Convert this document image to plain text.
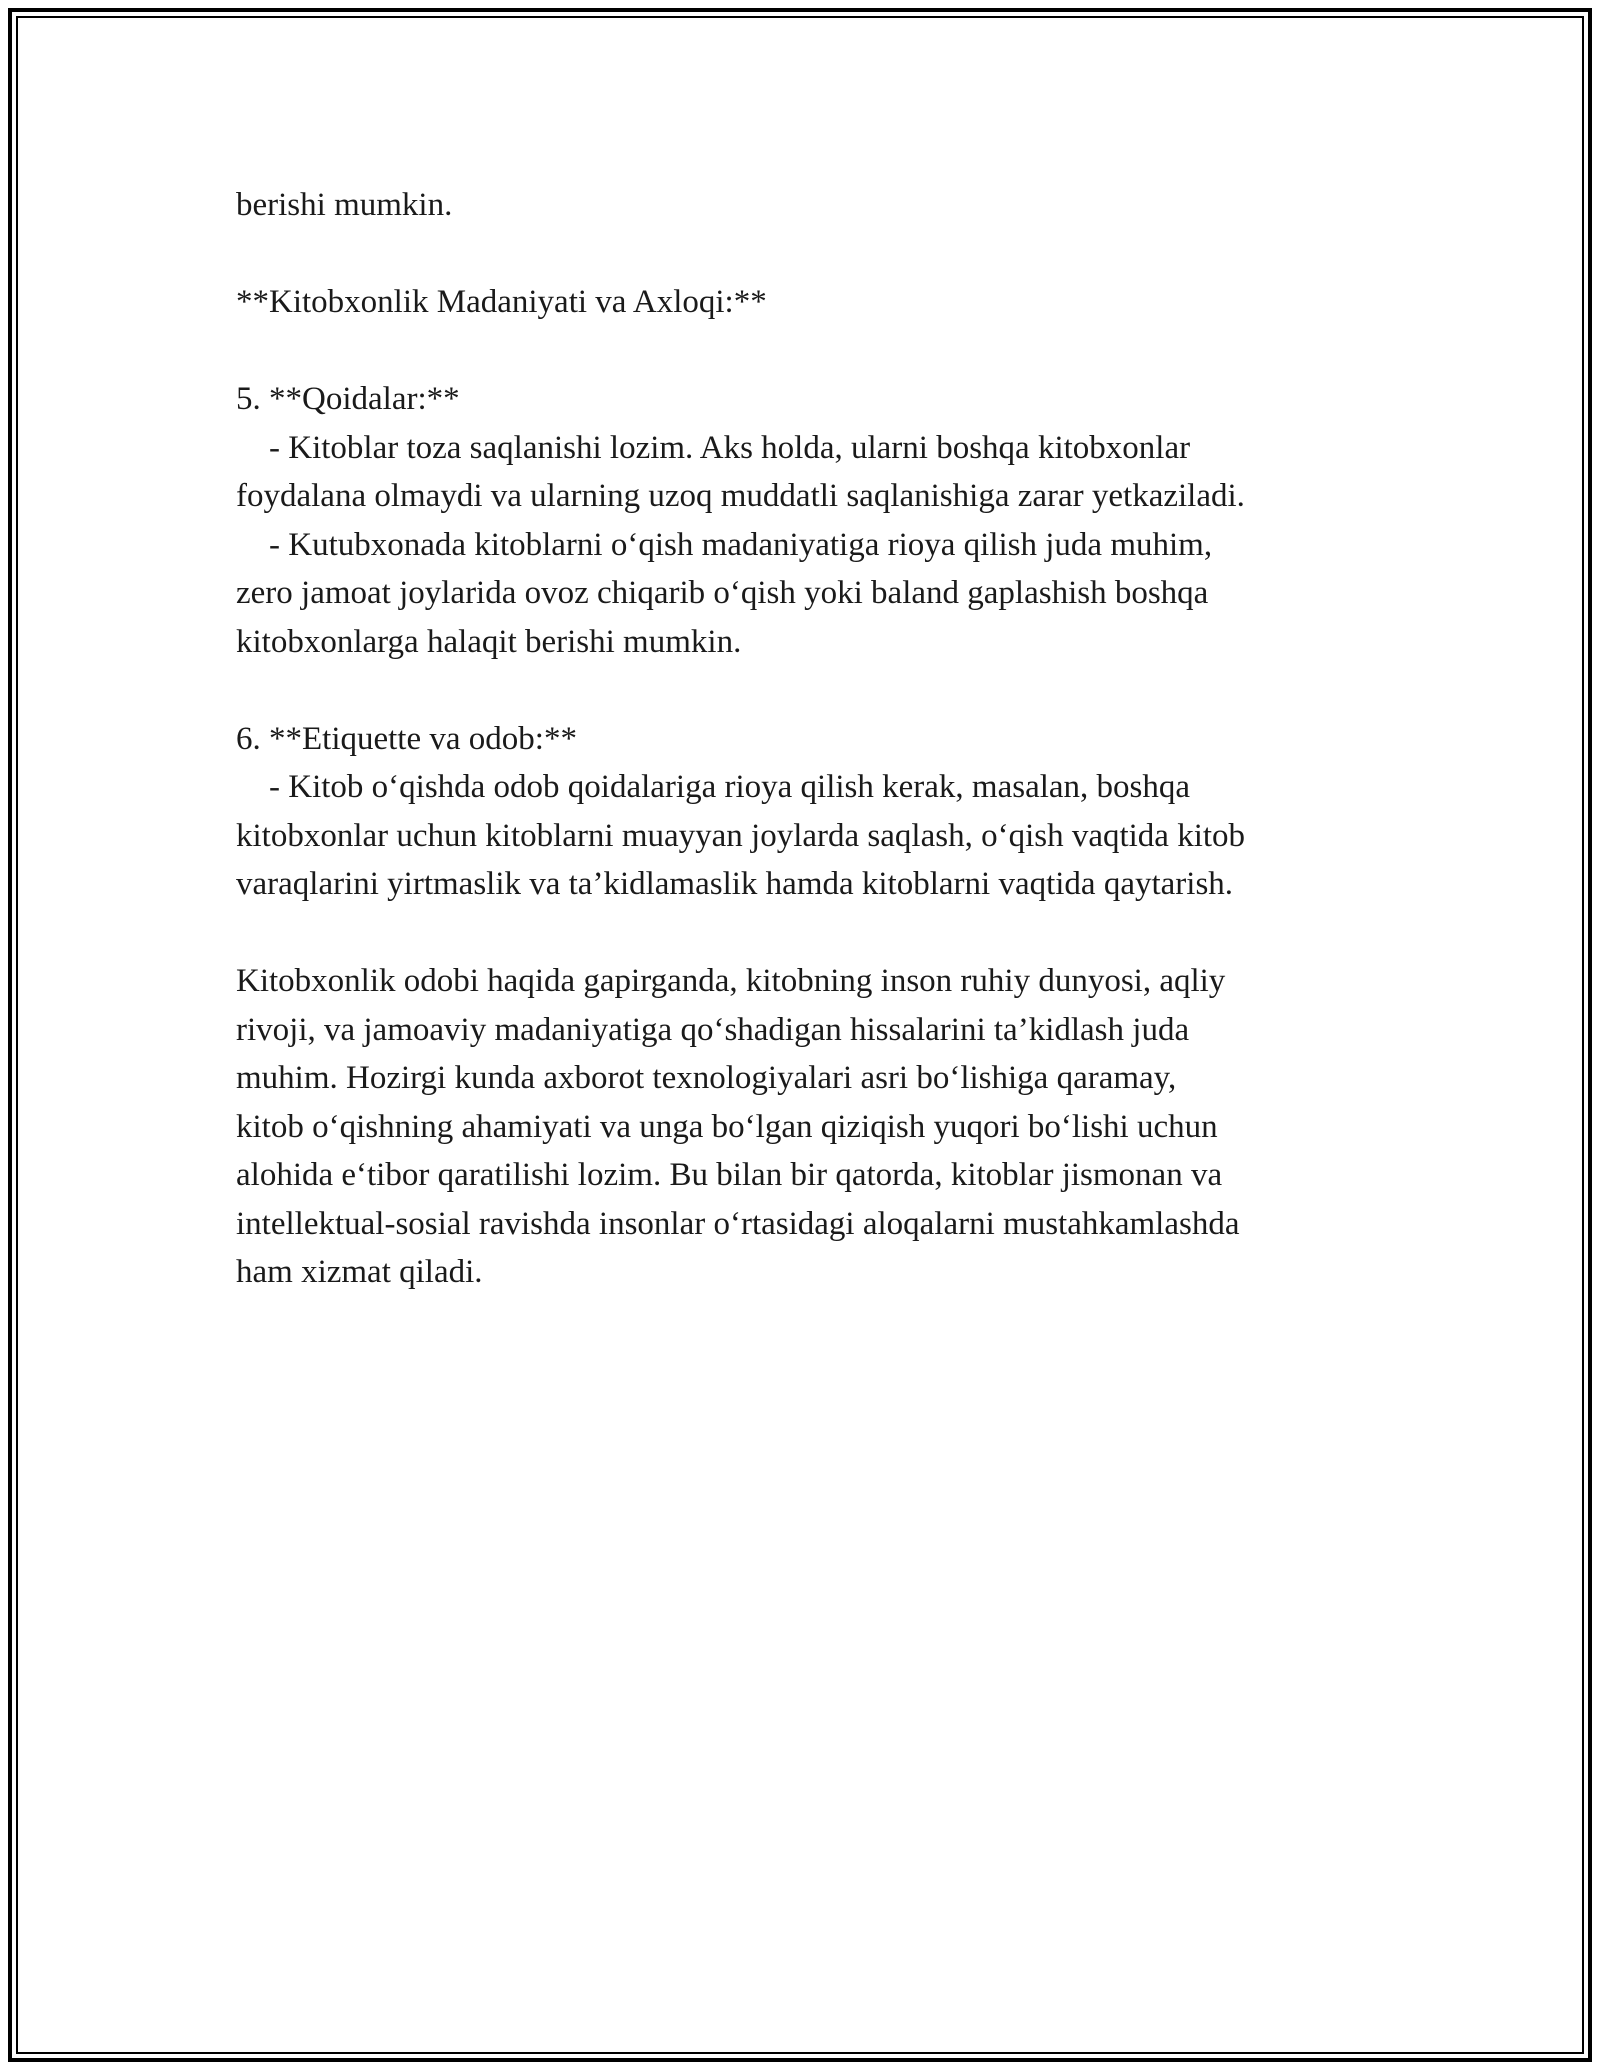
berishi mumkin.
**Kitobxonlik Madaniyati va Axloqi:**
5. **Qoidalar:**
- Kitoblar toza saqlanishi lozim. Aks holda, ularni boshqa kitobxonlar
foydalana olmaydi va ularning uzoq muddatli saqlanishiga zarar yetkaziladi.
- Kutubxonada kitoblarni o‘qish madaniyatiga rioya qilish juda muhim,
zero jamoat joylarida ovoz chiqarib o‘qish yoki baland gaplashish boshqa
kitobxonlarga halaqit berishi mumkin.
6. **Etiquette va odob:**
- Kitob o‘qishda odob qoidalariga rioya qilish kerak, masalan, boshqa
kitobxonlar uchun kitoblarni muayyan joylarda saqlash, o‘qish vaqtida kitob
varaqlarini yirtmaslik va ta’kidlamaslik hamda kitoblarni vaqtida qaytarish.
Kitobxonlik odobi haqida gapirganda, kitobning inson ruhiy dunyosi, aqliy
rivoji, va jamoaviy madaniyatiga qo‘shadigan hissalarini ta’kidlash juda
muhim. Hozirgi kunda axborot texnologiyalari asri bo‘lishiga qaramay,
kitob o‘qishning ahamiyati va unga bo‘lgan qiziqish yuqori bo‘lishi uchun
alohida e‘tibor qaratilishi lozim. Bu bilan bir qatorda, kitoblar jismonan va
intellektual-sosial ravishda insonlar o‘rtasidagi aloqalarni mustahkamlashda
ham xizmat qiladi.
